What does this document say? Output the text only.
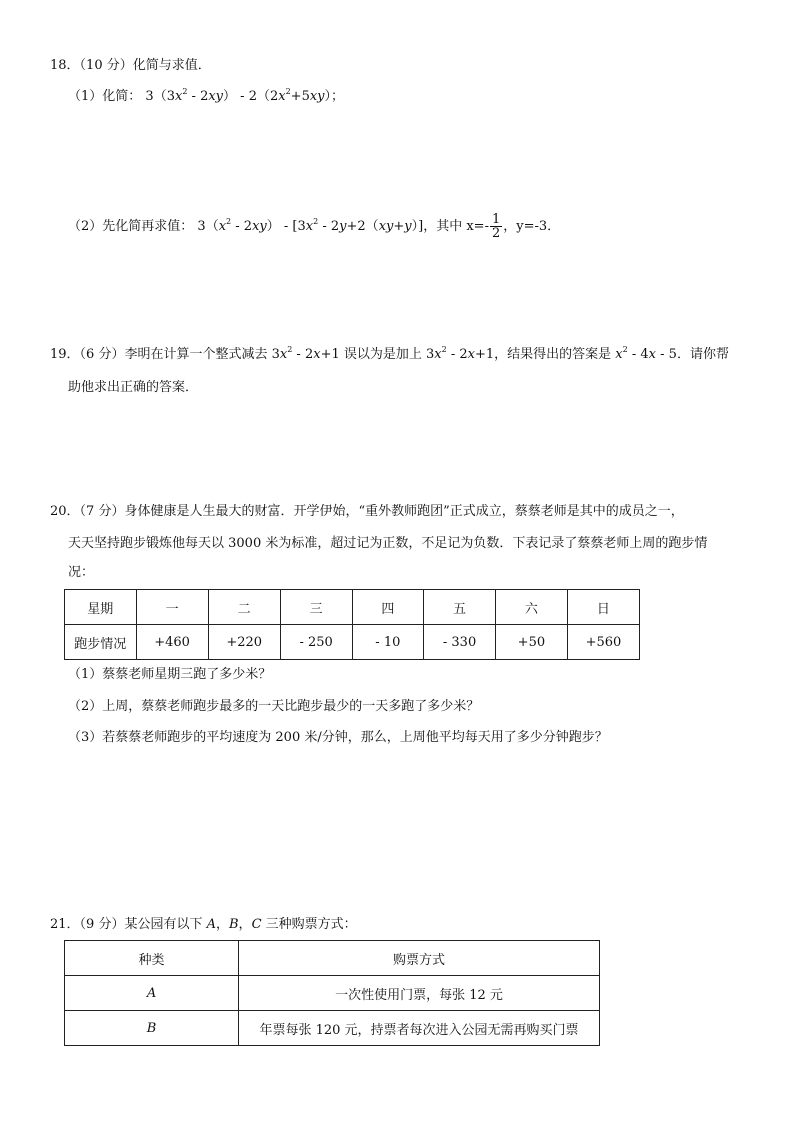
18．（10 分）化简与求值．
（1）化简： $3(3x^2 - 2xy) - 2(2x^2+5xy)$；
（2）先化简再求值： $3(x^2 - 2xy) - [3x^2 - 2y+2(xy+y)]$，其中 $x=- \frac{1}{2}$ ，y=-3．
19．（6 分）李明在计算一个整式减去 $3x^2 - 2x+1$ 误以为是加上 $3x^2 - 2x+1$，结果得出的答案是 $x^2 - 4x - 5$．请你帮
助他求出正确的答案．
20．（7 分）身体健康是人生最大的财富．开学伊始，“重外教师跑团”正式成立，蔡蔡老师是其中的成员之一，
天天坚持跑步锻炼他每天以 3000 米为标准，超过记为正数，不足记为负数．下表记录了蔡蔡老师上周的跑步情
况：
星期	一	二	三	四	五	六	日
跑步情况	+460	+220	- 250	- 10	- 330	+50	+560
（1）蔡蔡老师星期三跑了多少米？
（2）上周，蔡蔡老师跑步最多的一天比跑步最少的一天多跑了多少米？
（3）若蔡蔡老师跑步的平均速度为 200 米/分钟，那么，上周他平均每天用了多少分钟跑步？
21．（9 分）某公园有以下 A，B，C 三种购票方式：
种类	购票方式
A	一次性使用门票，每张 12 元
B	年票每张 120 元，持票者每次进入公园无需再购买门票
